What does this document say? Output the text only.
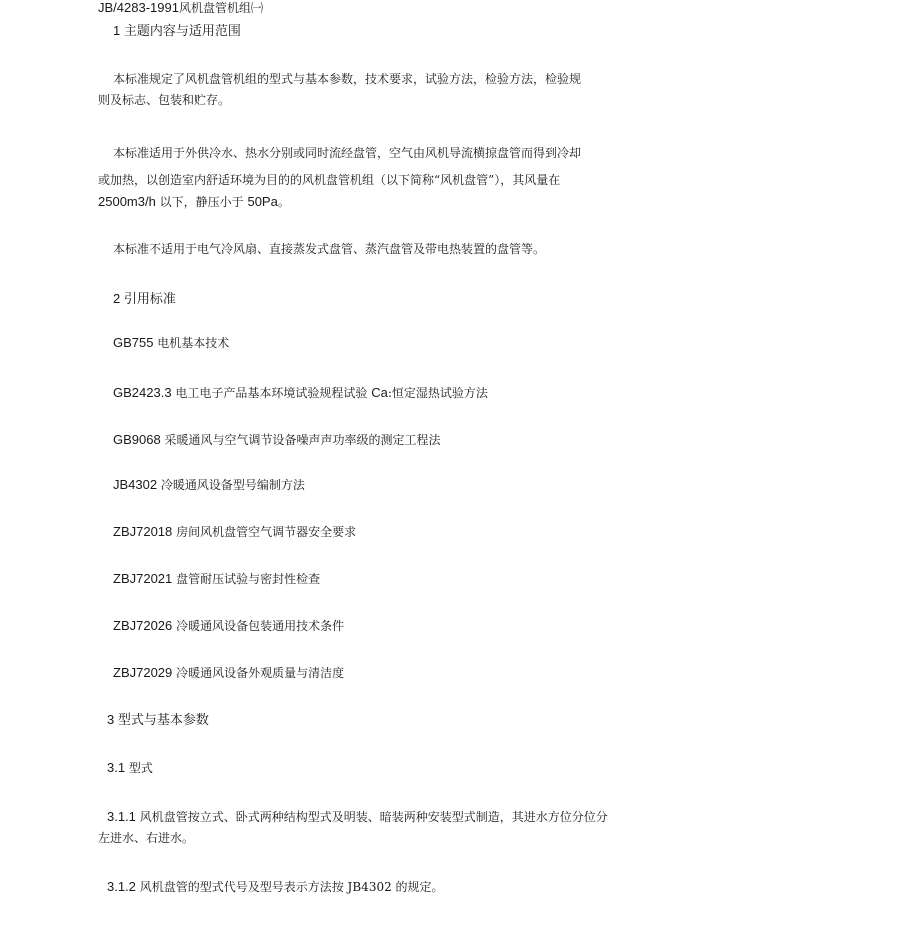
JB/4283-1991风机盘管机组㈠
1 主题内容与适用范围
本标准规定了风机盘管机组的型式与基本参数，技术要求，试验方法，检验方法，检验规
则及标志、包装和贮存。
本标准适用于外供冷水、热水分别或同时流经盘管，空气由风机导流横掠盘管而得到冷却
或加热，以创造室内舒适环境为目的的风机盘管机组（以下简称“风机盘管”），其风量在
2500m3/h 以下，静压小于 50Pa。
本标准不适用于电气冷风扇、直接蒸发式盘管、蒸汽盘管及带电热装置的盘管等。
2 引用标准
GB755 电机基本技术
GB2423.3 电工电子产品基本环境试验规程试验 Ca:恒定湿热试验方法
GB9068 采暖通风与空气调节设备噪声声功率级的测定工程法
JB4302 冷暖通风设备型号编制方法
ZBJ72018 房间风机盘管空气调节器安全要求
ZBJ72021 盘管耐压试验与密封性检查
ZBJ72026 冷暖通风设备包装通用技术条件
ZBJ72029 冷暖通风设备外观质量与清洁度
3 型式与基本参数
3.1 型式
3.1.1 风机盘管按立式、卧式两种结构型式及明装、暗装两种安装型式制造，其进水方位分位分
左进水、右进水。
3.1.2 风机盘管的型式代号及型号表示方法按 JB4302 的规定。
